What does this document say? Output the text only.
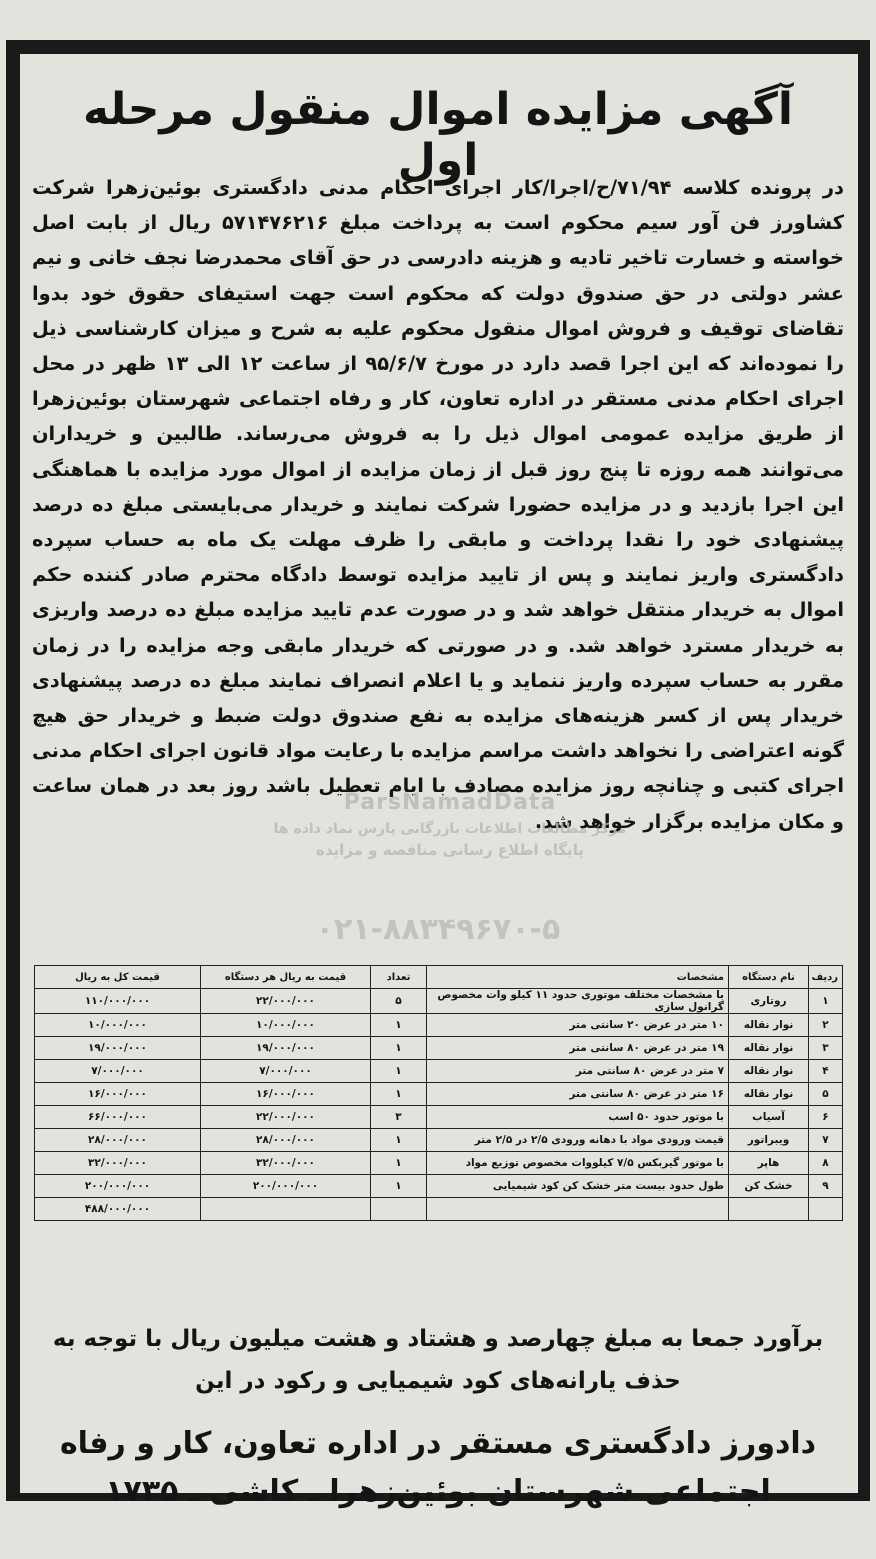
آگهی مزایده اموال منقول مرحله اول
در پرونده کلاسه ۷۱/۹۴/ح/اجرا/کار اجرای احکام مدنی دادگستری بوئین‌زهرا شرکت کشاورز فن آور سیم محکوم است به پرداخت مبلغ ۵۷۱۴۷۶۲۱۶ ریال از بابت اصل خواسته و خسارت تاخیر تادیه و هزینه دادرسی در حق آقای محمدرضا نجف خانی و نیم عشر دولتی در حق صندوق دولت که محکوم است جهت استیفای حقوق خود بدوا تقاضای توقیف و فروش اموال منقول محکوم علیه به شرح و میزان کارشناسی ذیل را نموده‌اند که این اجرا قصد دارد در مورخ ۹۵/۶/۷ از ساعت ۱۲ الی ۱۳ ظهر در محل اجرای احکام مدنی مستقر در اداره تعاون، کار و رفاه اجتماعی شهرستان بوئین‌زهرا از طریق مزایده عمومی اموال ذیل را به فروش می‌رساند. طالبین و خریداران می‌توانند همه روزه تا پنج روز قبل از زمان مزایده از اموال مورد مزایده با هماهنگی این اجرا بازدید و در مزایده حضورا شرکت نمایند و خریدار می‌بایستی مبلغ ده درصد پیشنهادی خود را نقدا پرداخت و مابقی را ظرف مهلت یک ماه به حساب سپرده دادگستری واریز نمایند و پس از تایید مزایده توسط دادگاه محترم صادر کننده حکم اموال به خریدار منتقل خواهد شد و در صورت عدم تایید مزایده مبلغ ده درصد واریزی به خریدار مسترد خواهد شد. و در صورتی که خریدار مابقی وجه مزایده را در زمان مقرر به حساب سپرده واریز ننماید و یا اعلام انصراف نمایند مبلغ ده درصد پیشنهادی خریدار پس از کسر هزینه‌های مزایده به نفع صندوق دولت ضبط و خریدار حق هیچ گونه اعتراضی را نخواهد داشت مراسم مزایده با رعایت مواد قانون اجرای احکام مدنی اجرای کتبی و چنانچه روز مزایده مصادف با ایام تعطیل باشد روز بعد در همان ساعت و مکان مزایده برگزار خواهد شد.
ParsNamadData
مرکز مطالعات اطلاعات بازرگانی پارس نماد داده ها
پایگاه اطلاع رسانی مناقصه و مزایده
۰۲۱-۸۸۳۴۹۶۷۰-۵
ردیف	نام دستگاه	مشخصات	تعداد	قیمت به ریال هر دستگاه	قیمت کل به ریال
۱	روتاری	با مشخصات مختلف موتوری حدود ۱۱ کیلو وات مخصوص گرانول سازی	۵	۲۲/۰۰۰/۰۰۰	۱۱۰/۰۰۰/۰۰۰
۲	نوار نقاله	۱۰ متر در عرض ۲۰ سانتی متر	۱	۱۰/۰۰۰/۰۰۰	۱۰/۰۰۰/۰۰۰
۳	نوار نقاله	۱۹ متر در عرض ۸۰ سانتی متر	۱	۱۹/۰۰۰/۰۰۰	۱۹/۰۰۰/۰۰۰
۴	نوار نقاله	۷ متر در عرض ۸۰ سانتی متر	۱	۷/۰۰۰/۰۰۰	۷/۰۰۰/۰۰۰
۵	نوار نقاله	۱۶ متر در عرض ۸۰ سانتی متر	۱	۱۶/۰۰۰/۰۰۰	۱۶/۰۰۰/۰۰۰
۶	آسیاب	با موتور حدود ۵۰ اسب	۳	۲۲/۰۰۰/۰۰۰	۶۶/۰۰۰/۰۰۰
۷	ویبراتور	قیمت ورودی مواد با دهانه ورودی ۲/۵ در ۲/۵ متر	۱	۲۸/۰۰۰/۰۰۰	۲۸/۰۰۰/۰۰۰
۸	هاپر	با موتور گیربکس ۷/۵ کیلووات مخصوص توزیع مواد	۱	۳۲/۰۰۰/۰۰۰	۳۲/۰۰۰/۰۰۰
۹	خشک کن	طول حدود بیست متر خشک کن کود شیمیایی	۱	۲۰۰/۰۰۰/۰۰۰	۲۰۰/۰۰۰/۰۰۰
					۴۸۸/۰۰۰/۰۰۰
برآورد جمعا به مبلغ چهارصد و هشتاد و هشت میلیون ریال با توجه به حذف یارانه‌های کود شیمیایی و رکود در این
دادورز دادگستری مستقر در اداره تعاون، کار و رفاه اجتماعی شهرستان بوئین‌زهرا ـ کاشی ـ ۱۷۳۵
